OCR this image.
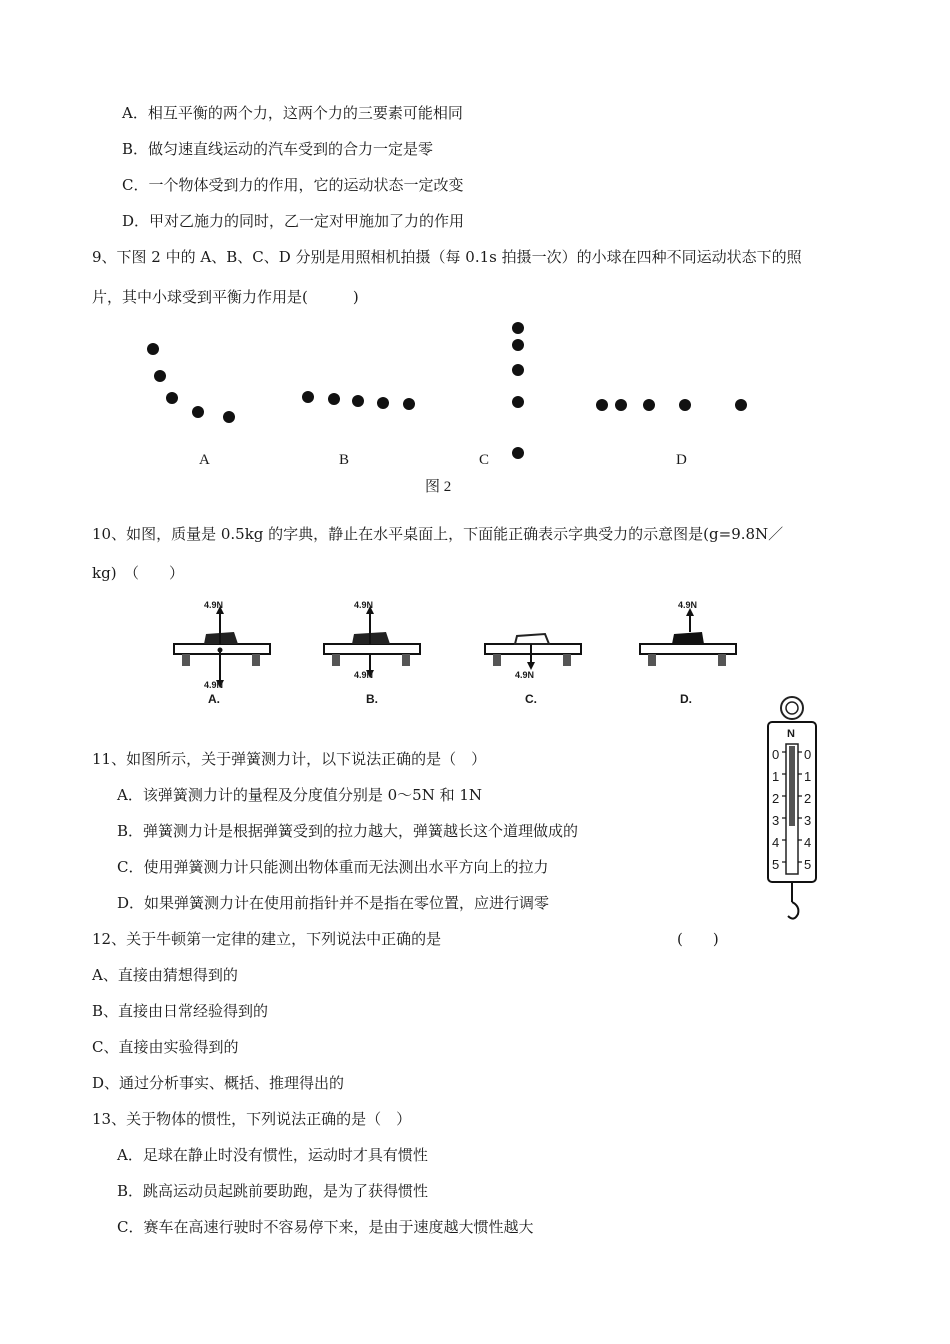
A．相互平衡的两个力，这两个力的三要素可能相同
B．做匀速直线运动的汽车受到的合力一定是零
C．一个物体受到力的作用，它的运动状态一定改变
D．甲对乙施力的同时，乙一定对甲施加了力的作用
9、下图 2 中的 A、B、C、D 分别是用照相机拍摄（每 0.1s 拍摄一次）的小球在四种不同运动状态下的照
片，其中小球受到平衡力作用是(　　　)
A	B	C	D
图 2
10、如图，质量是 0.5kg 的字典，静止在水平桌面上，下面能正确表示字典受力的示意图是(g=9.8N／
kg)　（　　）
4.9N
4.9N
A.
4.9N
4.9N
B.
4.9N
C.
4.9N
D.
N
0
1
2
3
4
5
0
1
2
3
4
5
11、如图所示，关于弹簧测力计，以下说法正确的是（　）
A．该弹簧测力计的量程及分度值分别是 0～5N 和 1N
B．弹簧测力计是根据弹簧受到的拉力越大，弹簧越长这个道理做成的
C．使用弹簧测力计只能测出物体重而无法测出水平方向上的拉力
D．如果弹簧测力计在使用前指针并不是指在零位置，应进行调零
12、关于牛顿第一定律的建立，下列说法中正确的是	(　　)
A、直接由猜想得到的
B、直接由日常经验得到的
C、直接由实验得到的
D、通过分析事实、概括、推理得出的
13、关于物体的惯性，下列说法正确的是（　）
A．足球在静止时没有惯性，运动时才具有惯性
B．跳高运动员起跳前要助跑，是为了获得惯性
C．赛车在高速行驶时不容易停下来，是由于速度越大惯性越大
